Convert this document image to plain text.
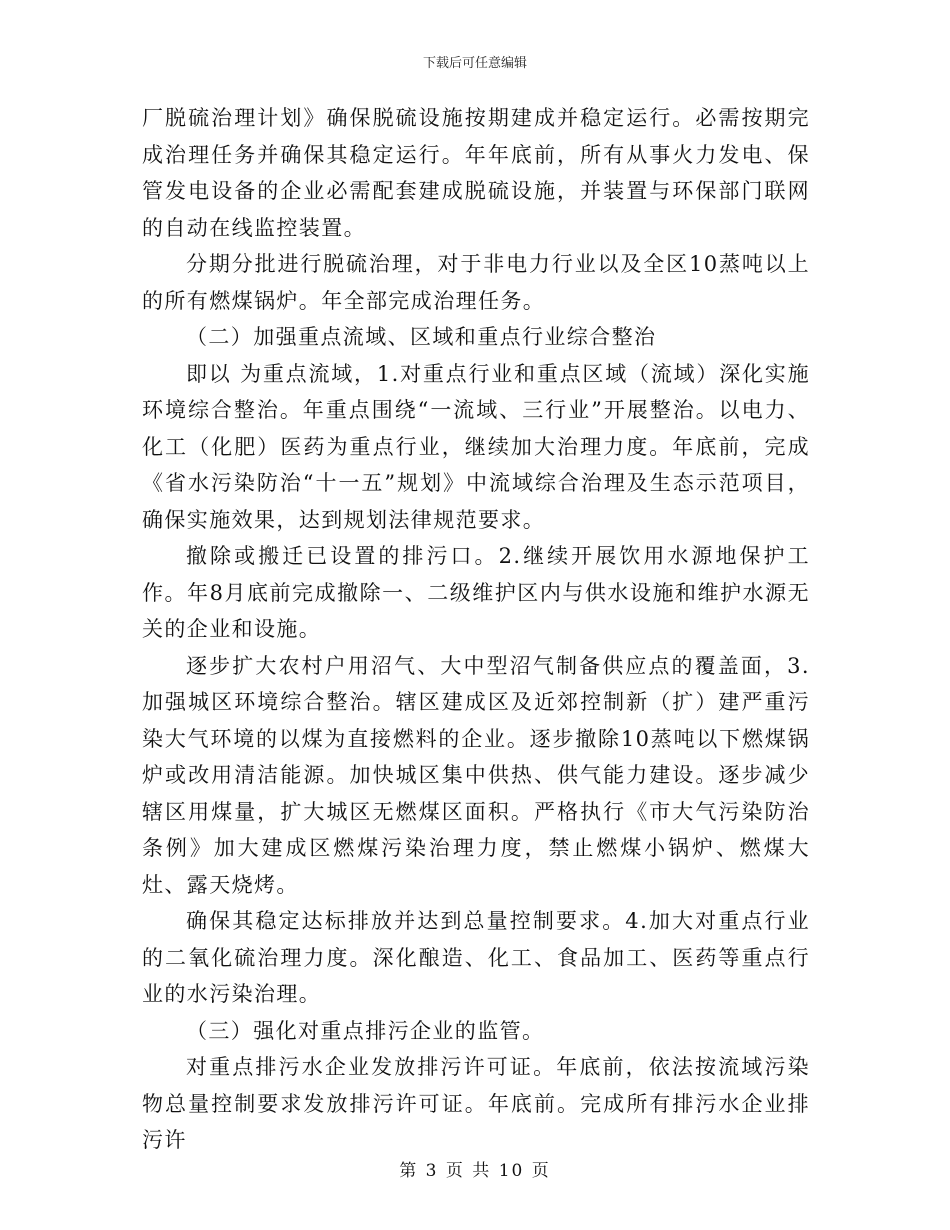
下载后可任意编辑

厂脱硫治理计划》确保脱硫设施按期建成并稳定运行。必需按期完成治理任务并确保其稳定运行。年年底前，所有从事火力发电、保管发电设备的企业必需配套建成脱硫设施，并装置与环保部门联网的自动在线监控装置。

分期分批进行脱硫治理，对于非电力行业以及全区10蒸吨以上的所有燃煤锅炉。年全部完成治理任务。

（二）加强重点流域、区域和重点行业综合整治

即以 为重点流域，1.对重点行业和重点区域（流域）深化实施环境综合整治。年重点围绕“一流域、三行业”开展整治。以电力、化工（化肥）医药为重点行业，继续加大治理力度。年底前，完成《省水污染防治“十一五”规划》中流域综合治理及生态示范项目，确保实施效果，达到规划法律规范要求。

撤除或搬迁已设置的排污口。2.继续开展饮用水源地保护工作。年8月底前完成撤除一、二级维护区内与供水设施和维护水源无关的企业和设施。

逐步扩大农村户用沼气、大中型沼气制备供应点的覆盖面，3.加强城区环境综合整治。辖区建成区及近郊控制新（扩）建严重污染大气环境的以煤为直接燃料的企业。逐步撤除10蒸吨以下燃煤锅炉或改用清洁能源。加快城区集中供热、供气能力建设。逐步减少辖区用煤量，扩大城区无燃煤区面积。严格执行《市大气污染防治条例》加大建成区燃煤污染治理力度，禁止燃煤小锅炉、燃煤大灶、露天烧烤。

确保其稳定达标排放并达到总量控制要求。4.加大对重点行业的二氧化硫治理力度。深化酿造、化工、食品加工、医药等重点行业的水污染治理。

（三）强化对重点排污企业的监管。

对重点排污水企业发放排污许可证。年底前，依法按流域污染物总量控制要求发放排污许可证。年底前。完成所有排污水企业排污许

第 3 页 共 10 页
